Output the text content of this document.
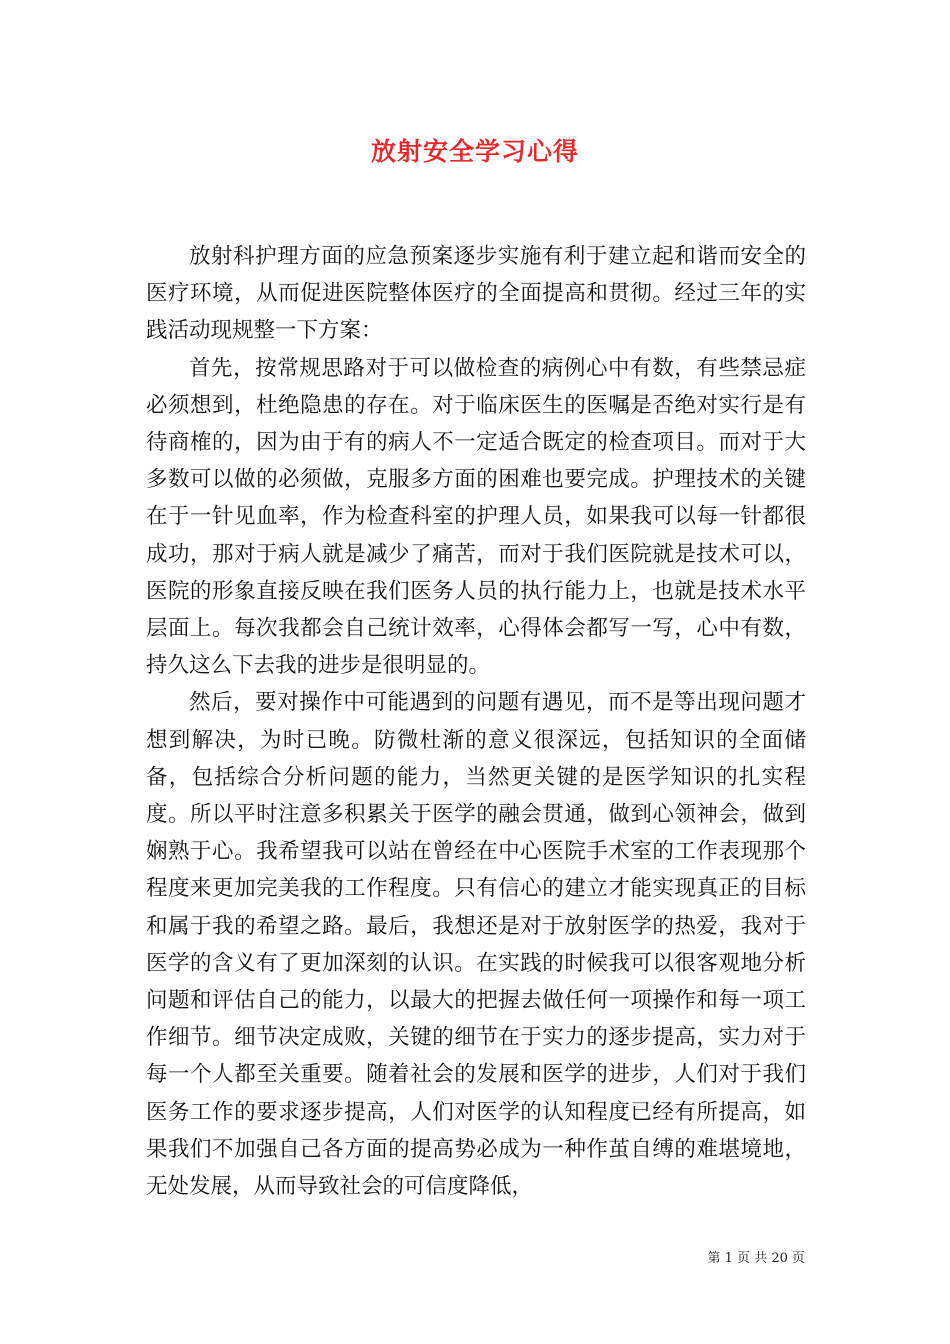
放射安全学习心得

放射科护理方面的应急预案逐步实施有利于建立起和谐而安全的医疗环境，从而促进医院整体医疗的全面提高和贯彻。经过三年的实践活动现规整一下方案：

首先，按常规思路对于可以做检查的病例心中有数，有些禁忌症必须想到，杜绝隐患的存在。对于临床医生的医嘱是否绝对实行是有待商榷的，因为由于有的病人不一定适合既定的检查项目。而对于大多数可以做的必须做，克服多方面的困难也要完成。护理技术的关键在于一针见血率，作为检查科室的护理人员，如果我可以每一针都很成功，那对于病人就是减少了痛苦，而对于我们医院就是技术可以，医院的形象直接反映在我们医务人员的执行能力上，也就是技术水平层面上。每次我都会自己统计效率，心得体会都写一写，心中有数，持久这么下去我的进步是很明显的。

然后，要对操作中可能遇到的问题有遇见，而不是等出现问题才想到解决，为时已晚。防微杜渐的意义很深远，包括知识的全面储备，包括综合分析问题的能力，当然更关键的是医学知识的扎实程度。所以平时注意多积累关于医学的融会贯通，做到心领神会，做到娴熟于心。我希望我可以站在曾经在中心医院手术室的工作表现那个程度来更加完美我的工作程度。只有信心的建立才能实现真正的目标和属于我的希望之路。最后，我想还是对于放射医学的热爱，我对于医学的含义有了更加深刻的认识。在实践的时候我可以很客观地分析问题和评估自己的能力，以最大的把握去做任何一项操作和每一项工作细节。细节决定成败，关键的细节在于实力的逐步提高，实力对于每一个人都至关重要。随着社会的发展和医学的进步，人们对于我们医务工作的要求逐步提高，人们对医学的认知程度已经有所提高，如果我们不加强自己各方面的提高势必成为一种作茧自缚的难堪境地，无处发展，从而导致社会的可信度降低，

第 1 页 共 20 页
